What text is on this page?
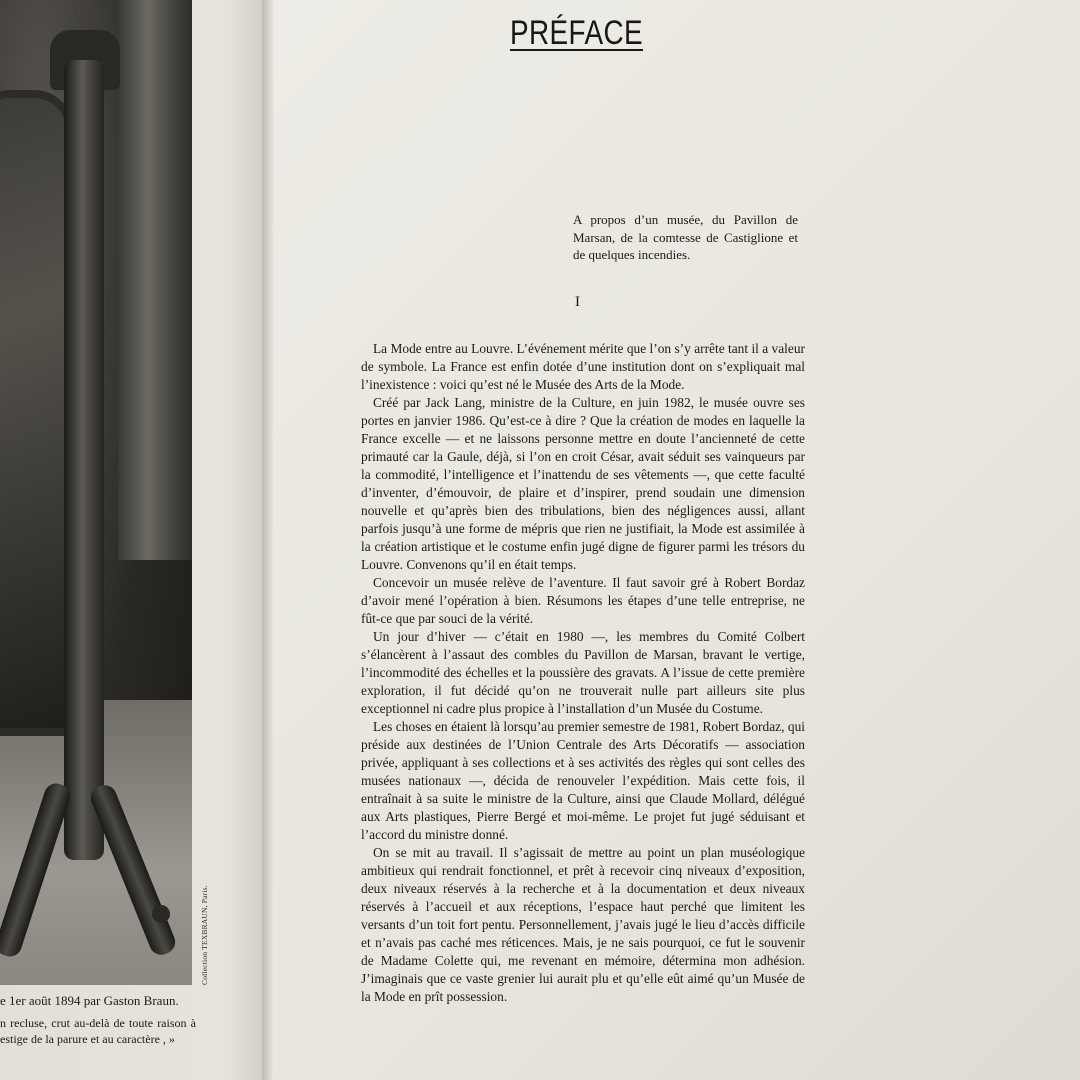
Collection TEXBRAUN, Paris.
e 1er août 1894 par Gaston Braun.
n recluse, crut au-delà de toute raison à estige de la parure et au caractère , »
PRÉFACE
A propos d’un musée, du Pavillon de Marsan, de la comtesse de Castiglione et de quelques incendies.
I

La Mode entre au Louvre. L’événement mérite que l’on s’y arrête tant il a valeur de symbole. La France est enfin dotée d’une institution dont on s’expliquait mal l’inexistence : voici qu’est né le Musée des Arts de la Mode.

Créé par Jack Lang, ministre de la Culture, en juin 1982, le musée ouvre ses portes en janvier 1986. Qu’est-ce à dire ? Que la création de modes en laquelle la France excelle — et ne laissons personne mettre en doute l’ancienneté de cette primauté car la Gaule, déjà, si l’on en croit César, avait séduit ses vainqueurs par la commodité, l’intelligence et l’inattendu de ses vêtements —, que cette faculté d’inventer, d’émouvoir, de plaire et d’inspirer, prend soudain une dimension nouvelle et qu’après bien des tribulations, bien des négligences aussi, allant parfois jusqu’à une forme de mépris que rien ne justifiait, la Mode est assimilée à la création artistique et le costume enfin jugé digne de figurer parmi les trésors du Louvre. Convenons qu’il en était temps.

Concevoir un musée relève de l’aventure. Il faut savoir gré à Robert Bordaz d’avoir mené l’opération à bien. Résumons les étapes d’une telle entreprise, ne fût-ce que par souci de la vérité.

Un jour d’hiver — c’était en 1980 —, les membres du Comité Colbert s’élancèrent à l’assaut des combles du Pavillon de Marsan, bravant le vertige, l’incommodité des échelles et la poussière des gravats. A l’issue de cette première exploration, il fut décidé qu’on ne trouverait nulle part ailleurs site plus exceptionnel ni cadre plus propice à l’installation d’un Musée du Costume.

Les choses en étaient là lorsqu’au premier semestre de 1981, Robert Bordaz, qui préside aux destinées de l’Union Centrale des Arts Décoratifs — association privée, appliquant à ses collections et à ses activités des règles qui sont celles des musées nationaux —, décida de renouveler l’expédition. Mais cette fois, il entraînait à sa suite le ministre de la Culture, ainsi que Claude Mollard, délégué aux Arts plastiques, Pierre Bergé et moi-même. Le projet fut jugé séduisant et l’accord du ministre donné.

On se mit au travail. Il s’agissait de mettre au point un plan muséologique ambitieux qui rendrait fonctionnel, et prêt à recevoir cinq niveaux d’exposition, deux niveaux réservés à la recherche et à la documentation et deux niveaux réservés à l’accueil et aux réceptions, l’espace haut perché que limitent les versants d’un toit fort pentu. Personnellement, j’avais jugé le lieu d’accès difficile et n’avais pas caché mes réticences. Mais, je ne sais pourquoi, ce fut le souvenir de Madame Colette qui, me revenant en mémoire, détermina mon adhésion. J’imaginais que ce vaste grenier lui aurait plu et qu’elle eût aimé qu’un Musée de la Mode en prît possession.
